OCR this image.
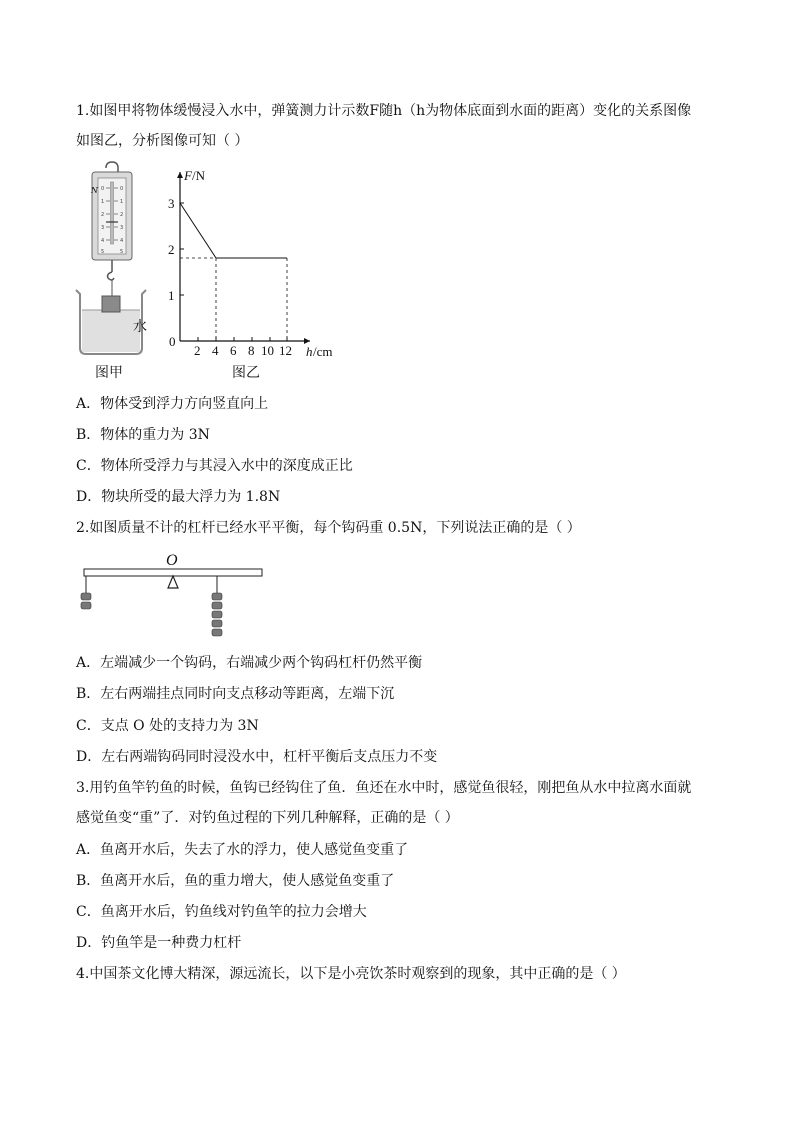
1.如图甲将物体缓慢浸入水中，弹簧测力计示数F随h（h为物体底面到水面的距离）变化的关系图像
如图乙，分析图像可知（ ）
0	0
1	1
2	2
3	3
4	4
5	5
N
水
图甲
F /N
1
2
3
0
2 4 6 8 10 12 h /cm
图乙
A．物体受到浮力方向竖直向上
B．物体的重力为 3N
C．物体所受浮力与其浸入水中的深度成正比
D．物块所受的最大浮力为 1.8N
2.如图质量不计的杠杆已经水平平衡，每个钩码重 0.5N，下列说法正确的是（ ）
O
A．左端减少一个钩码，右端减少两个钩码杠杆仍然平衡
B．左右两端挂点同时向支点移动等距离，左端下沉
C．支点 O 处的支持力为 3N
D．左右两端钩码同时浸没水中，杠杆平衡后支点压力不变
3.用钓鱼竿钓鱼的时候，鱼钩已经钩住了鱼．鱼还在水中时，感觉鱼很轻，刚把鱼从水中拉离水面就
感觉鱼变“重”了．对钓鱼过程的下列几种解释，正确的是（ ）
A．鱼离开水后，失去了水的浮力，使人感觉鱼变重了
B．鱼离开水后，鱼的重力增大，使人感觉鱼变重了
C．鱼离开水后，钓鱼线对钓鱼竿的拉力会增大
D．钓鱼竿是一种费力杠杆
4.中国茶文化博大精深，源远流长，以下是小亮饮茶时观察到的现象，其中正确的是（ ）
